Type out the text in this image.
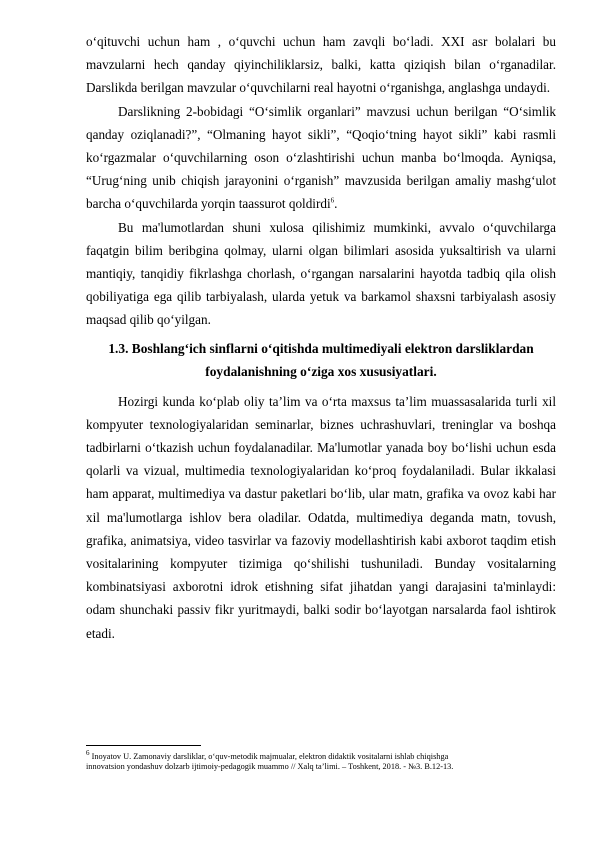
o‘qituvchi uchun ham , o‘quvchi uchun ham zavqli bo‘ladi. XXI asr bolalari bu mavzularni hech qanday qiyinchiliklarsiz, balki, katta qiziqish bilan o‘rganadilar. Darslikda berilgan mavzular o‘quvchilarni real hayotni o‘rganishga, anglashga undaydi.

Darslikning 2-bobidagi “O‘simlik organlari” mavzusi uchun berilgan “O‘simlik qanday oziqlanadi?”, “Olmaning hayot sikli”, “Qoqio‘tning hayot sikli” kabi rasmli ko‘rgazmalar o‘quvchilarning oson o‘zlashtirishi uchun manba bo‘lmoqda. Ayniqsa, “Urug‘ning unib chiqish jarayonini o‘rganish” mavzusida berilgan amaliy mashg‘ulot barcha o‘quvchilarda yorqin taassurot qoldirdi$^6$.

Bu ma'lumotlardan shuni xulosa qilishimiz mumkinki, avvalo o‘quvchilarga faqatgin bilim beribgina qolmay, ularni olgan bilimlari asosida yuksaltirish va ularni mantiqiy, tanqidiy fikrlashga chorlash, o‘rgangan narsalarini hayotda tadbiq qila olish qobiliyatiga ega qilib tarbiyalash, ularda yetuk va barkamol shaxsni tarbiyalash asosiy maqsad qilib qo‘yilgan.

1.3. Boshlang‘ich sinflarni o‘qitishda multimediyali elektron darsliklardan
foydalanishning o‘ziga xos xususiyatlari.

Hozirgi kunda ko‘plab oliy ta’lim va o‘rta maxsus ta’lim muassasalarida turli xil kompyuter texnologiyalaridan seminarlar, biznes uchrashuvlari, treninglar va boshqa tadbirlarni o‘tkazish uchun foydalanadilar. Ma'lumotlar yanada boy bo‘lishi uchun esda qolarli va vizual, multimedia texnologiyalaridan ko‘proq foydalaniladi. Bular ikkalasi ham apparat, multimediya va dastur paketlari bo‘lib, ular matn, grafika va ovoz kabi har xil ma'lumotlarga ishlov bera oladilar. Odatda, multimediya deganda matn, tovush, grafika, animatsiya, video tasvirlar va fazoviy modellashtirish kabi axborot taqdim etish vositalarining kompyuter tizimiga qo‘shilishi tushuniladi. Bunday vositalarning kombinatsiyasi axborotni idrok etishning sifat jihatdan yangi darajasini ta'minlaydi: odam shunchaki passiv fikr yuritmaydi, balki sodir bo‘layotgan narsalarda faol ishtirok etadi.

$^6$ Inoyatov U. Zamonaviy darsliklar, o‘quv-metodik majmualar, elektron didaktik vositalarni ishlab chiqishga
innovatsion yondashuv dolzarb ijtimoiy-pedagogik muammo // Xalq ta’limi. – Toshkent, 2018. - №3. B.12-13.
